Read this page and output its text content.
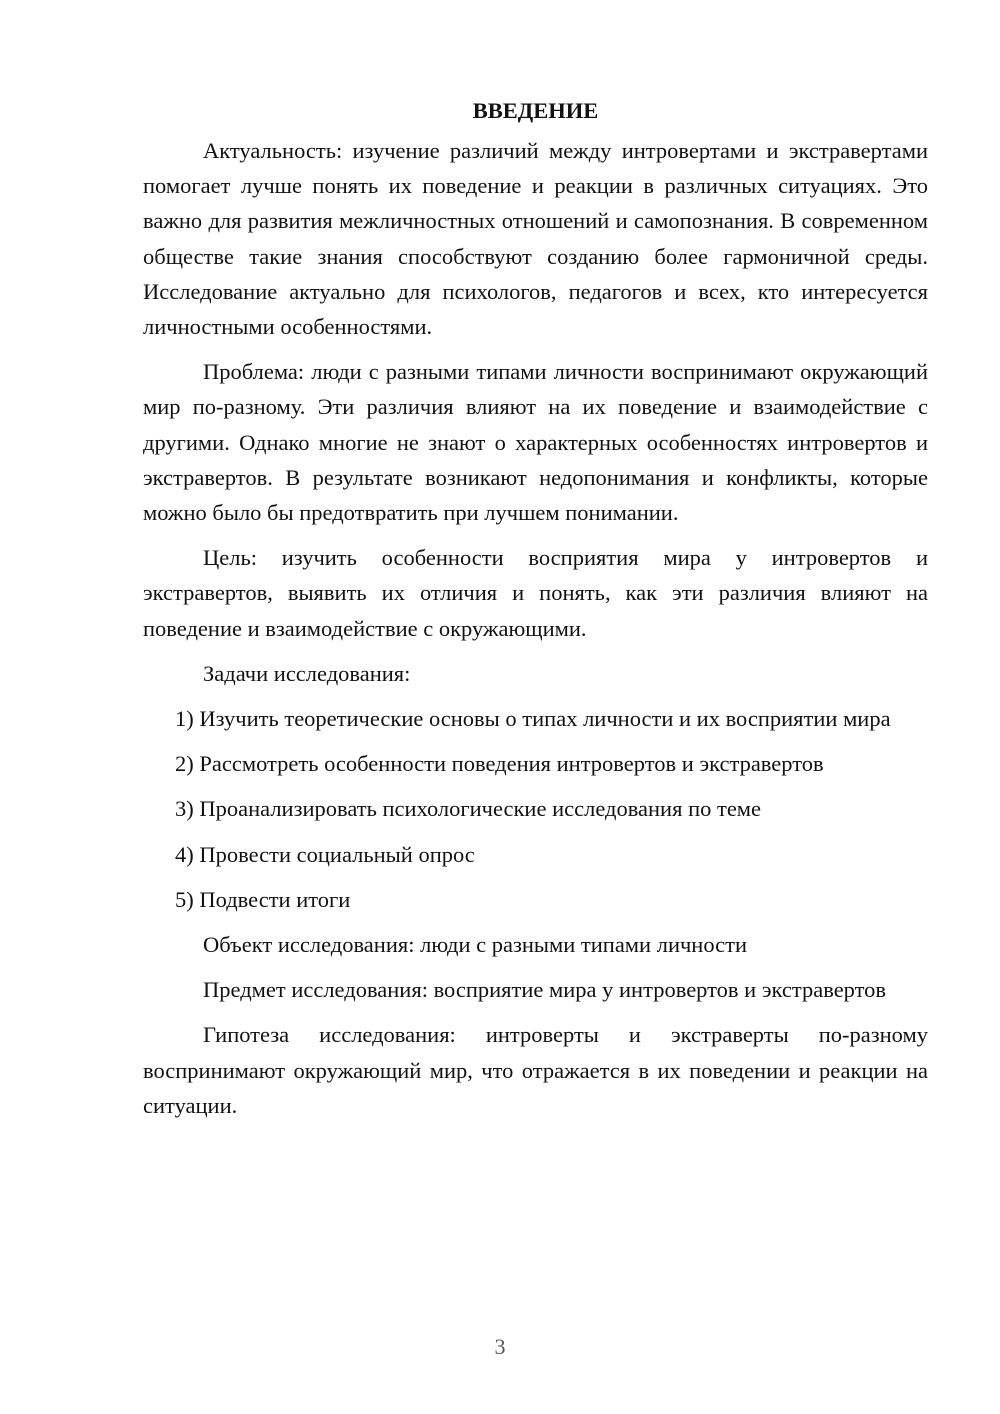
ВВЕДЕНИЕ

Актуальность: изучение различий между интровертами и экстравертами помогает лучше понять их поведение и реакции в различных ситуациях. Это важно для развития межличностных отношений и самопознания. В современном обществе такие знания способствуют созданию более гармоничной среды. Исследование актуально для психологов, педагогов и всех, кто интересуется личностными особенностями.

Проблема: люди с разными типами личности воспринимают окружающий мир по-разному. Эти различия влияют на их поведение и взаимодействие с другими. Однако многие не знают о характерных особенностях интровертов и экстравертов. В результате возникают недопонимания и конфликты, которые можно было бы предотвратить при лучшем понимании.

Цель: изучить особенности восприятия мира у интровертов и экстравертов, выявить их отличия и понять, как эти различия влияют на поведение и взаимодействие с окружающими.

Задачи исследования:

1) Изучить теоретические основы о типах личности и их восприятии мира

2) Рассмотреть особенности поведения интровертов и экстравертов

3) Проанализировать психологические исследования по теме

4) Провести социальный опрос

5) Подвести итоги

Объект исследования: люди с разными типами личности

Предмет исследования: восприятие мира у интровертов и экстравертов

Гипотеза исследования: интроверты и экстраверты по-разному воспринимают окружающий мир, что отражается в их поведении и реакции на ситуации.

3
